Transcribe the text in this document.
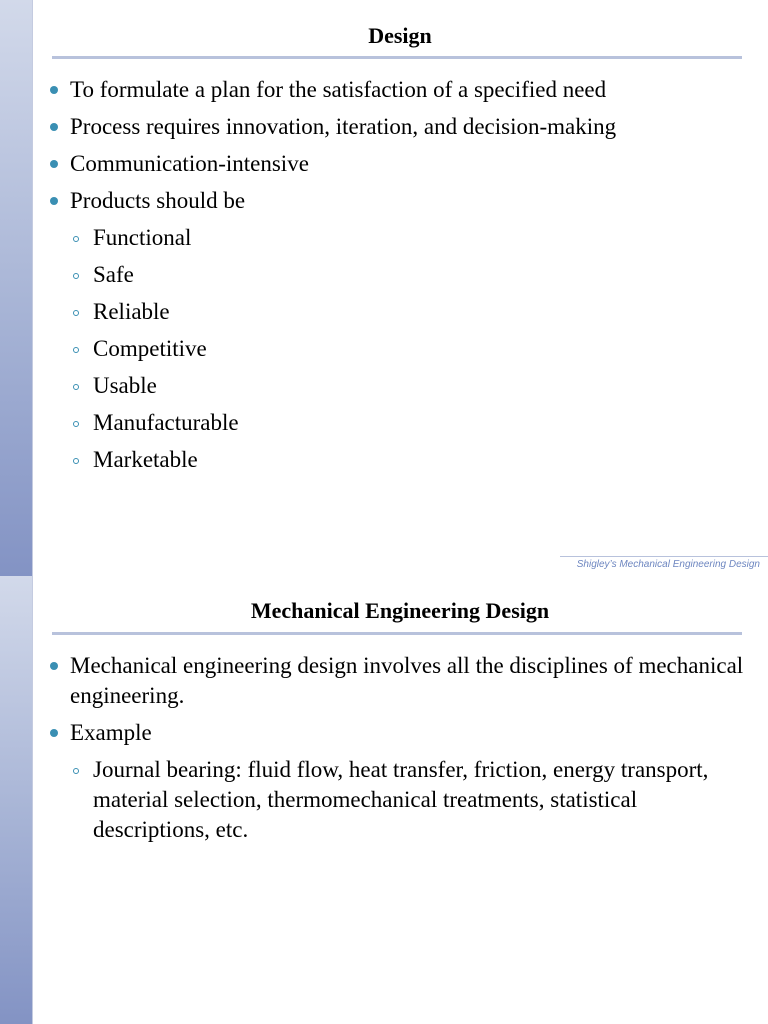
Design
To formulate a plan for the satisfaction of a specified need
Process requires innovation, iteration, and decision-making
Communication-intensive
Products should be
Functional
Safe
Reliable
Competitive
Usable
Manufacturable
Marketable
Shigley’s Mechanical Engineering Design
Mechanical Engineering Design
Mechanical engineering design involves all the disciplines of mechanical engineering.
Example
Journal bearing: fluid flow, heat transfer, friction, energy transport, material selection, thermomechanical treatments, statistical descriptions, etc.
